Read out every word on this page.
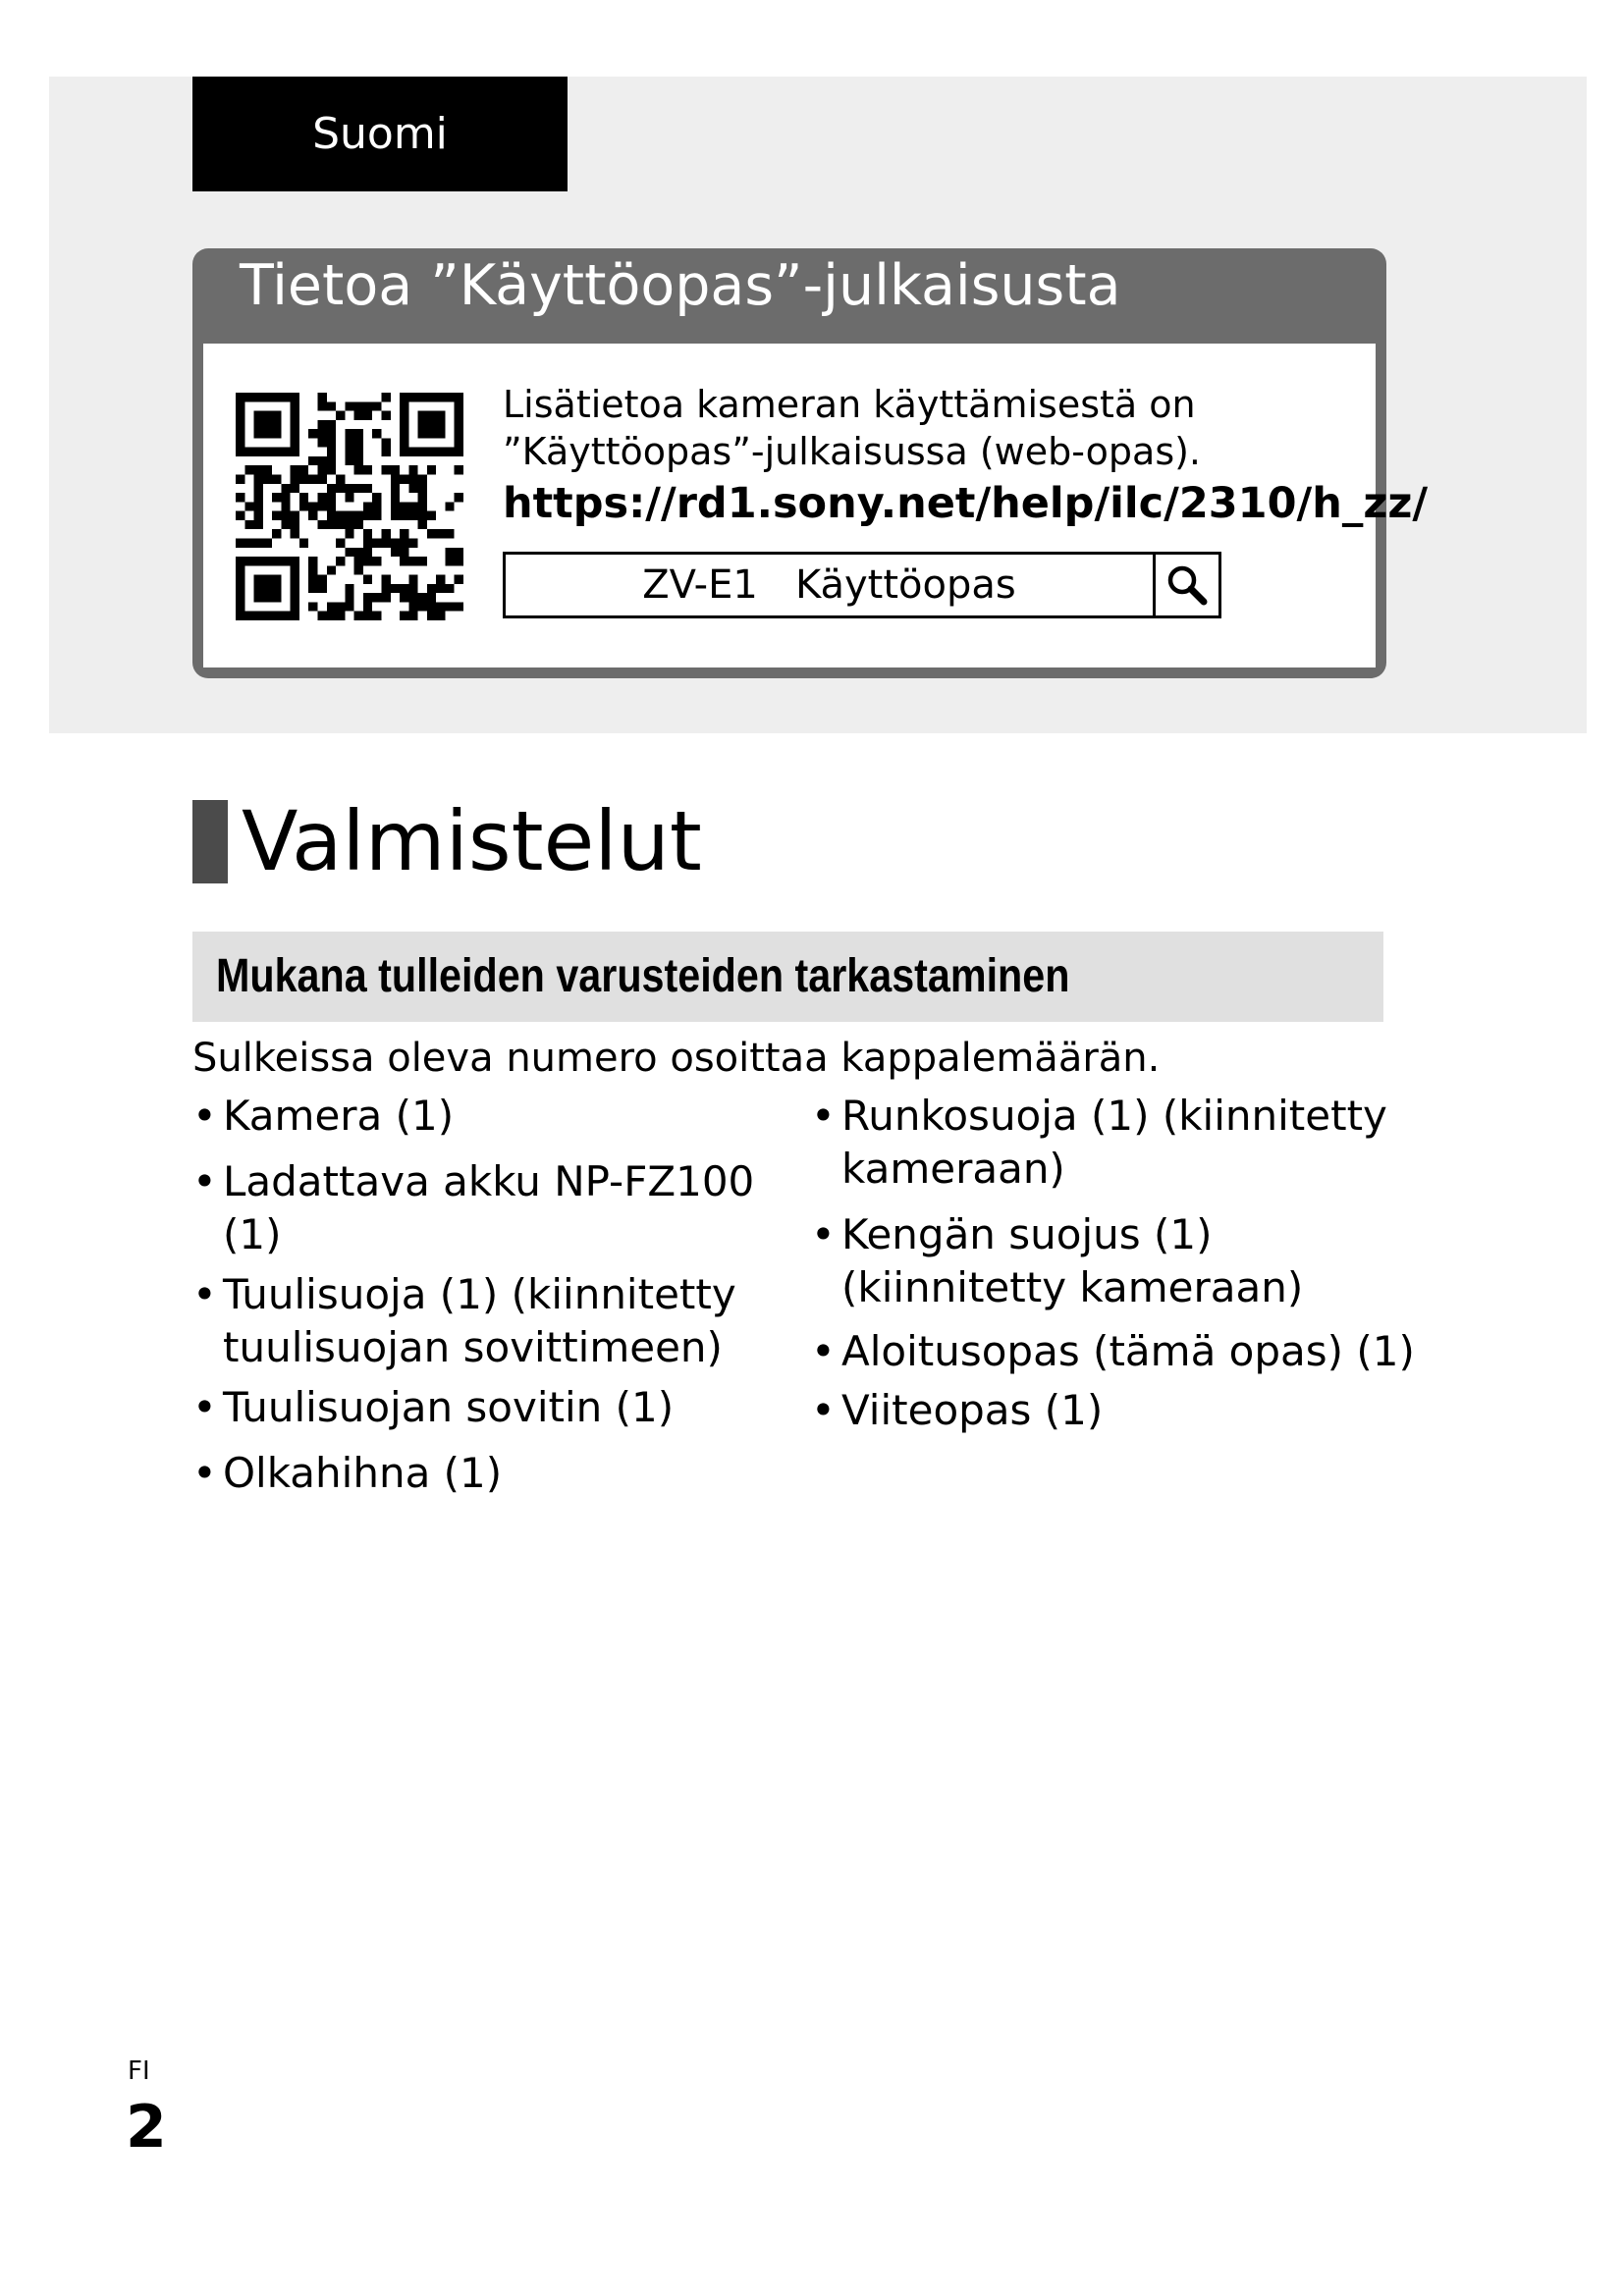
Suomi
Tietoa ”Käyttöopas”-julkaisusta
Lisätietoa kameran käyttämisestä on
”Käyttöopas”-julkaisussa (web-opas).
https://rd1.sony.net/help/ilc/2310/h_zz/
ZV-E1   Käyttöopas
Valmistelut
Mukana tulleiden varusteiden tarkastaminen
Sulkeissa oleva numero osoittaa kappalemäärän.
• Kamera (1)
• Ladattava akku NP-FZ100
(1)
• Tuulisuoja (1) (kiinnitetty
tuulisuojan sovittimeen)
• Tuulisuojan sovitin (1)
• Olkahihna (1)
• Runkosuoja (1) (kiinnitetty
kameraan)
• Kengän suojus (1)
(kiinnitetty kameraan)
• Aloitusopas (tämä opas) (1)
• Viiteopas (1)
FI
2
